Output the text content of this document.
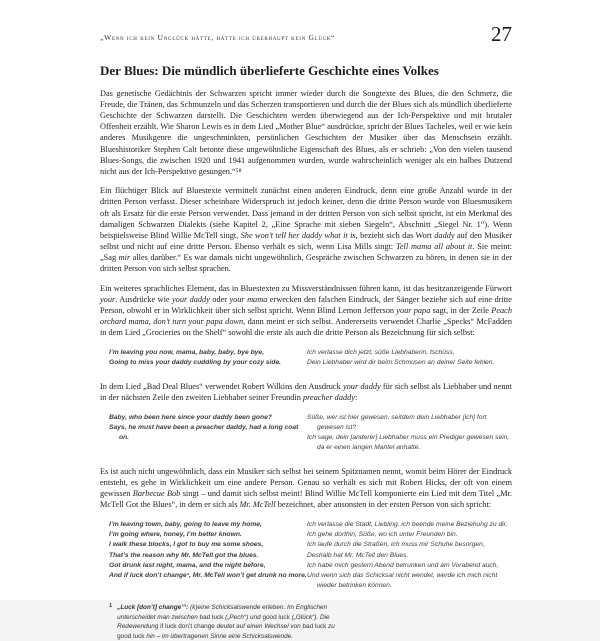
„Wenn ich kein Unglück hätte, hätte ich überhaupt kein Glück“	27
Der Blues: Die mündlich überlieferte Geschichte eines Volkes

Das genetische Gedächtnis der Schwarzen spricht immer wieder durch die Songtexte des Blues, die den Schmerz, die Freude, die Tränen, das Schmunzeln und das Scherzen transportieren und durch die der Blues sich als mündlich überlieferte Geschichte der Schwarzen darstellt. Die Geschichten werden überwiegend aus der Ich-Perspektive und mit brutaler Offenheit erzählt. Wie Sharon Lewis es in dem Lied „Mother Blue“ ausdrückte, spricht der Blues Tacheles, weil er wie kein anderes Musikgenre die ungeschminkten, persönlichen Geschichten der Musiker über das Menschsein erzählt. Blueshistoriker Stephen Calt betonte diese ungewöhnliche Eigenschaft des Blues, als er schrieb: „Von den vielen tausend Blues-Songs, die zwischen 1920 und 1941 aufgenommen wurden, wurde wahrscheinlich weniger als ein halbes Dutzend nicht aus der Ich-Perspektive gesungen.“⁵⁸

Ein flüchtiger Blick auf Bluestexte vermittelt zunächst einen anderen Eindruck, denn eine große Anzahl wurde in der dritten Person verfasst. Dieser scheinbare Widerspruch ist jedoch keiner, denn die dritte Person wurde von Bluesmusikern oft als Ersatz für die erste Person verwendet. Dass jemand in der dritten Person von sich selbst spricht, ist ein Merkmal des damaligen Schwarzen Dialekts (siehe Kapitel 2, „Eine Sprache mit sieben Siegeln“, Abschnitt „Siegel Nr. 1“). Wenn beispielsweise Blind Willie McTell singt, She won’t tell her daddy what it is, bezieht sich das Wort daddy auf den Musiker selbst und nicht auf eine dritte Person. Ebenso verhält es sich, wenn Lisa Mills singt: Tell mama all about it. Sie meint: „Sag mir alles darüber.“ Es war damals nicht ungewöhnlich, Gespräche zwischen Schwarzen zu hören, in denen sie in der dritten Person von sich selbst sprachen.

Ein weiteres sprachliches Element, das in Bluestexten zu Missverständnissen führen kann, ist das besitzanzeigende Fürwort your. Ausdrücke wie your daddy oder your mama erwecken den falschen Eindruck, der Sänger beziehe sich auf eine dritte Person, obwohl er in Wirklichkeit über sich selbst spricht. Wenn Blind Lemon Jefferson your papa sagt, in der Zeile Peach orchard mama, don’t turn your papa down, dann meint er sich selbst. Andererseits verwendet Charlie „Specks“ McFadden in dem Lied „Grocieries on the Shelf“ sowohl die erste als auch die dritte Person als Bezeichnung für sich selbst:

I’m leaving you now, mama, baby, baby, bye bye,
Going to miss your daddy cuddling by your cozy side.
Ich verlasse dich jetzt, süße Liebhaberin, tschüss,
Dein Liebhaber wird dir beim Schmusen an deiner Seite fehlen.

In dem Lied „Bad Deal Blues“ verwendet Robert Wilkins den Ausdruck your daddy für sich selbst als Liebhaber und nennt in der nächsten Zeile den zweiten Liebhaber seiner Freundin preacher daddy:

Baby, who been here since your daddy been gone?
Says, he must have been a preacher daddy, had a long coat on.
Süße, wer ist hier gewesen, seitdem dein Liebhaber [ich] fort gewesen ist?
Ich sage, dein [anderer] Liebhaber muss ein Prediger gewesen sein, da er einen langen Mantel anhatte.

Es ist auch nicht ungewöhnlich, dass ein Musiker sich selbst bei seinem Spitznamen nennt, womit beim Hörer der Eindruck entsteht, es gehe in Wirklichkeit um eine andere Person. Genau so verhält es sich mit Robert Hicks, der oft von einem gewissen Barbecue Bob singt – und damit sich selbst meint! Blind Willie McTell komponierte ein Lied mit dem Titel „Mr. McTell Got the Blues“, in dem er sich als Mr. McTell bezeichnet, aber ansonsten in der ersten Person von sich spricht:

I’m leaving town, baby, going to leave my home,
I’m going where, honey, I’m better known.
I walk these blocks, I got to buy me some shoes,
That’s the reason why Mr. McTell got the blues.
Got drunk last night, mama, and the night before,
And if luck don’t change¹, Mr. McTell won’t get drunk no more.
Ich verlasse die Stadt, Liebling, ich beende meine Beziehung zu dir,
Ich gehe dorthin, Süße, wo ich unter Freunden bin.
Ich laufe durch die Straßen, ich muss mir Schuhe besorgen,
Deshalb hat Mr. McTell den Blues.
Ich habe mich gestern Abend betrunken und am Vorabend auch,
Und wenn sich das Schicksal nicht wendet, werde ich mich nicht wieder betrinken können.
1 „Luck [don’t] change’“: (k)eine Schicksalswende erleben. Im Englischen unterscheidet man zwischen bad luck („Pech“) und good luck („Glück“). Die Redewendung if luck don’t change deutet auf einen Wechsel von bad luck zu good luck hin – im übertragenen Sinne eine Schicksalswende.
